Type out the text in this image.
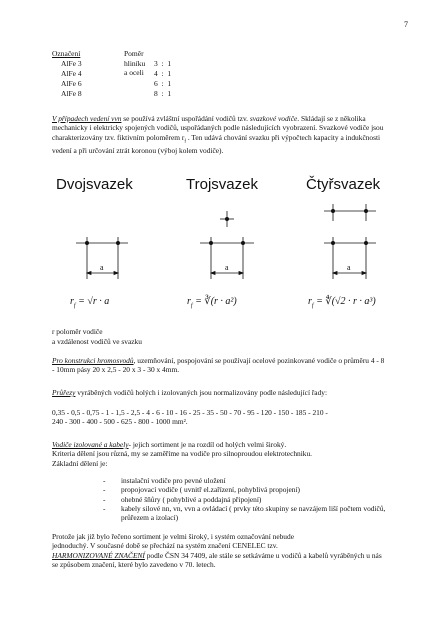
7
Označení	Poměr hliníku a oceli
AlFe 3	3  :  1
AlFe 4	4  :  1
AlFe 6	6  :  1
AlFe 8	8  :  1
V případech vedení vvn se používá zvláštní uspořádání vodičů tzv. svazkové vodiče. Skládají se z několika mechanicky i elektricky spojených vodičů, uspořádaných podle následujících vyobrazení. Svazkové vodiče jsou charakterizovány tzv. fiktivním poloměrem $r_f$ . Ten udává chování svazku při výpočtech kapacity a indukčnosti vedení a při určování ztrát koronou (výboj kolem vodiče).
Dvojsvazek	Trojsvazek	Čtyřsvazek
a	a	a
$r_f = √r \cdot a$	$r_f$ = ∛(r · a²)	$r_f$ = ∜(√2 · r · a³)
r poloměr vodiče
a vzdálenost vodičů ve svazku
Pro konstrukci hromosvodů, uzemňování, pospojování se používají ocelové pozinkované vodiče o průměru 4 - 8 - 10mm pásy 20 x 2,5 - 20 x 3 - 30 x 4mm.
Průřezy vyráběných vodičů holých i izolovaných jsou normalizovány podle následující řady:
0,35 - 0,5 - 0,75 - 1 - 1,5 - 2,5 - 4 - 6 - 10 - 16 - 25 - 35 - 50 - 70 - 95 - 120 - 150 - 185 - 210 -
240 - 300 - 400 - 500 - 625 - 800 - 1000 mm².
Vodiče izolované a kabely- jejich sortiment je na rozdíl od holých velmi široký.
Kriteria dělení jsou různá, my se zaměříme na vodiče pro silnoproudou elektrotechniku.
Základní dělení je:
- instalační vodiče pro pevné uložení
- propojovací vodiče ( uvnitř el.zařízení, pohyblivá propojení)
- ohebné šňůry ( pohyblivé a poddajná připojení)
- kabely silové nn, vn, vvn a ovládací ( prvky této skupiny se navzájem liší počtem vodičů, průřezem a izolací)
Protože jak již bylo řečeno sortiment je velmi široký, i systém označování nebude
jednoduchý. V současné době se přechází na systém značení CENELEC tzv.
HARMONIZOVANÉ ZNAČENÍ podle ČSN 34 7409, ale stále se setkáváme u vodičů a kabelů vyráběných u nás se způsobem značení, které bylo zavedeno v 70. letech.
